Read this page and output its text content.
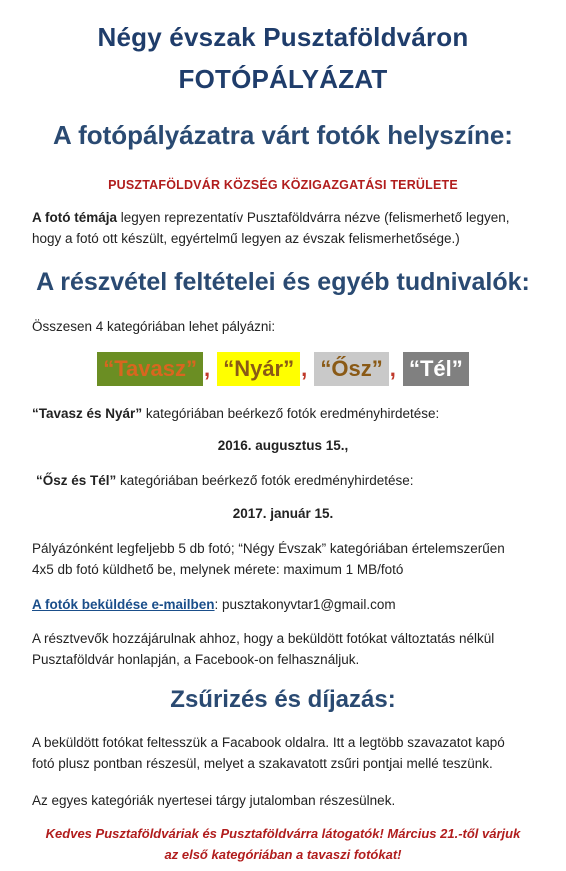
Négy évszak Pusztaföldváron
FOTÓPÁLYÁZAT
A fotópályázatra várt fotók helyszíne:
PUSZTAFÖLDVÁR KÖZSÉG KÖZIGAZGATÁSI TERÜLETE
A fotó témája legyen reprezentatív Pusztaföldvárra nézve (felismerhető legyen,
hogy a fotó ott készült, egyértelmű legyen az évszak felismerhetősége.)
A részvétel feltételei és egyéb tudnivalók:
Összesen 4 kategóriában lehet pályázni:
“Tavasz” , “Nyár” , “Ősz” , “Tél”
“Tavasz és Nyár” kategóriában beérkező fotók eredményhirdetése:
2016. augusztus 15.,
“Ősz és Tél” kategóriában beérkező fotók eredményhirdetése:
2017. január 15.
Pályázónként legfeljebb 5 db fotó; “Négy Évszak” kategóriában értelemszerűen
4x5 db fotó küldhető be, melynek mérete: maximum 1 MB/fotó
A fotók beküldése e-mailben: pusztakonyvtar1@gmail.com
A résztvevők hozzájárulnak ahhoz, hogy a beküldött fotókat változtatás nélkül
Pusztaföldvár honlapján, a Facebook-on felhasználjuk.
Zsűrizés és díjazás:
A beküldött fotókat feltesszük a Facabook oldalra. Itt a legtöbb szavazatot kapó
fotó plusz pontban részesül, melyet a szakavatott zsűri pontjai mellé teszünk.
Az egyes kategóriák nyertesei tárgy jutalomban részesülnek.
Kedves Pusztaföldváriak és Pusztaföldvárra látogatók! Március 21.-től várjuk
az első kategóriában a tavaszi fotókat!
